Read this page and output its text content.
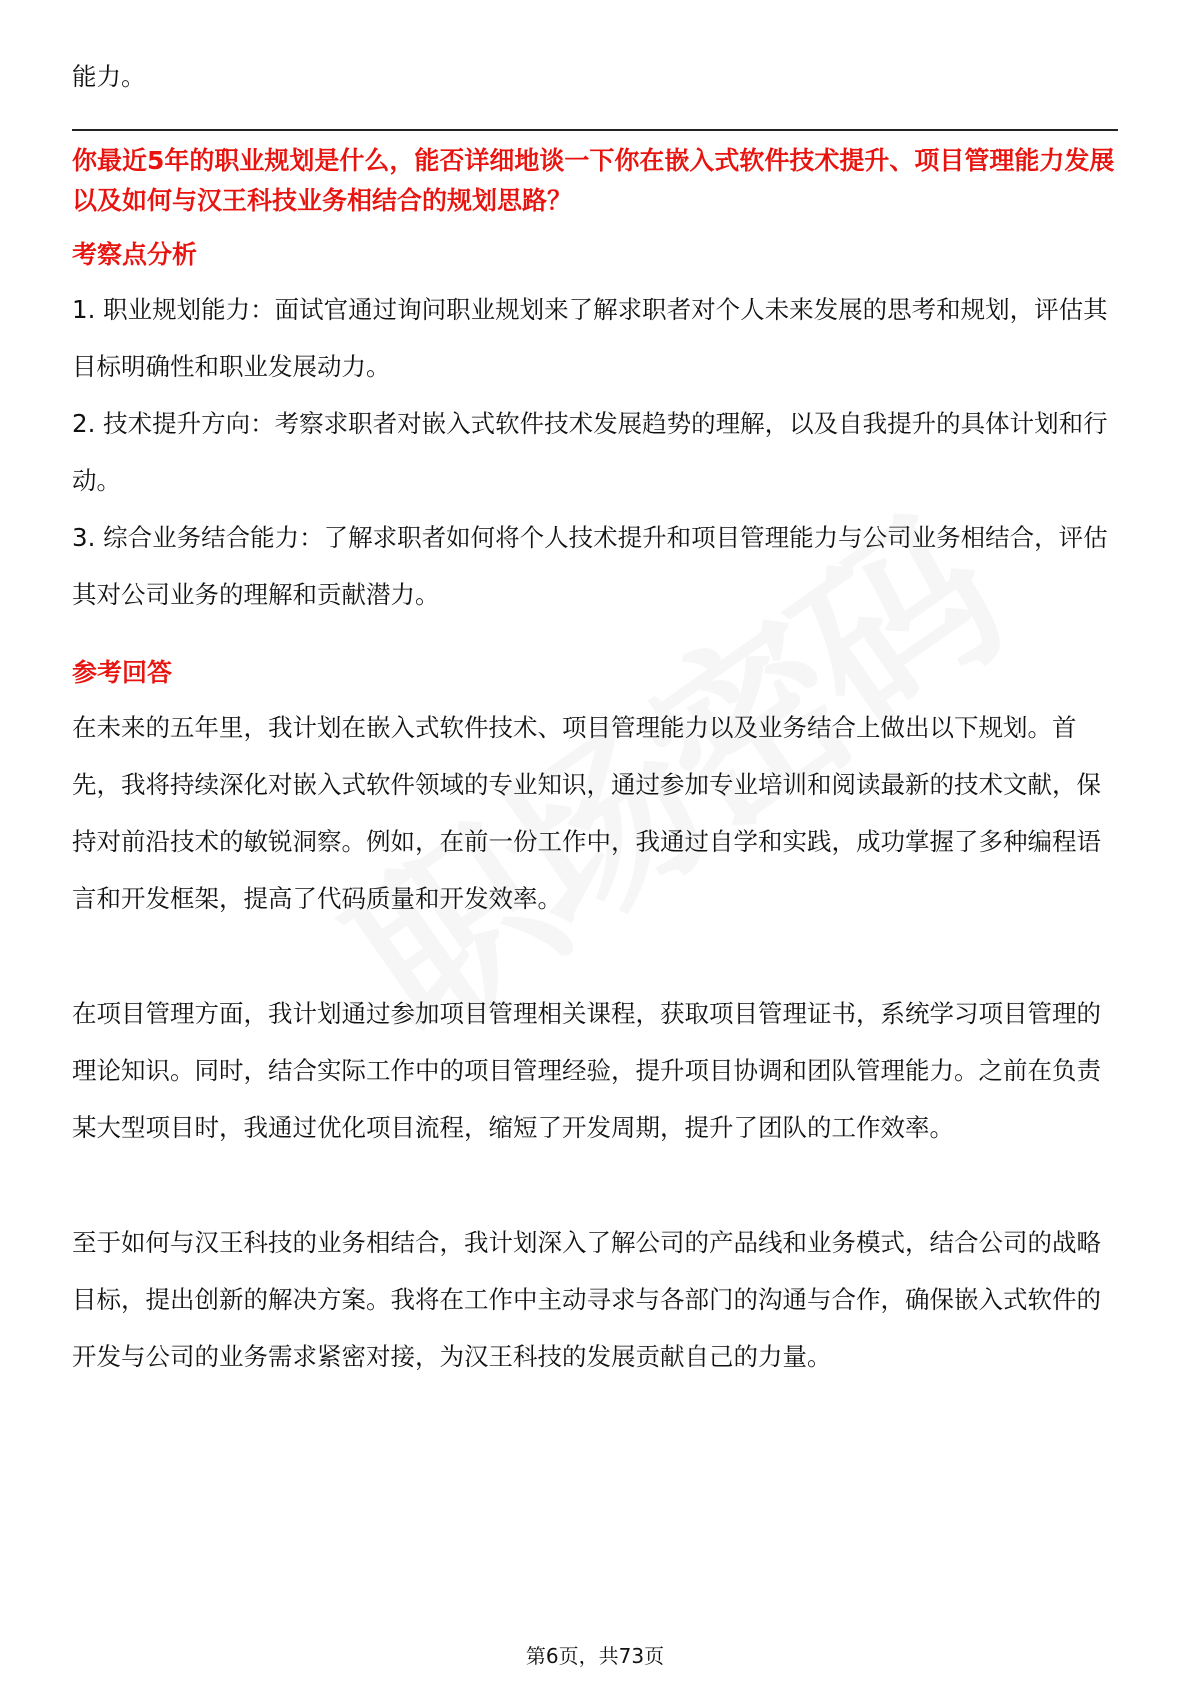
能力。

你最近5年的职业规划是什么，能否详细地谈一下你在嵌入式软件技术提升、项目管理能力发展以及如何与汉王科技业务相结合的规划思路？

考察点分析

1. 职业规划能力：面试官通过询问职业规划来了解求职者对个人未来发展的思考和规划，评估其目标明确性和职业发展动力。

2. 技术提升方向：考察求职者对嵌入式软件技术发展趋势的理解，以及自我提升的具体计划和行动。

3. 综合业务结合能力：了解求职者如何将个人技术提升和项目管理能力与公司业务相结合，评估其对公司业务的理解和贡献潜力。

参考回答

在未来的五年里，我计划在嵌入式软件技术、项目管理能力以及业务结合上做出以下规划。首先，我将持续深化对嵌入式软件领域的专业知识，通过参加专业培训和阅读最新的技术文献，保持对前沿技术的敏锐洞察。例如，在前一份工作中，我通过自学和实践，成功掌握了多种编程语言和开发框架，提高了代码质量和开发效率。

在项目管理方面，我计划通过参加项目管理相关课程，获取项目管理证书，系统学习项目管理的理论知识。同时，结合实际工作中的项目管理经验，提升项目协调和团队管理能力。之前在负责某大型项目时，我通过优化项目流程，缩短了开发周期，提升了团队的工作效率。

至于如何与汉王科技的业务相结合，我计划深入了解公司的产品线和业务模式，结合公司的战略目标，提出创新的解决方案。我将在工作中主动寻求与各部门的沟通与合作，确保嵌入式软件的开发与公司的业务需求紧密对接，为汉王科技的发展贡献自己的力量。

第6页，共73页
